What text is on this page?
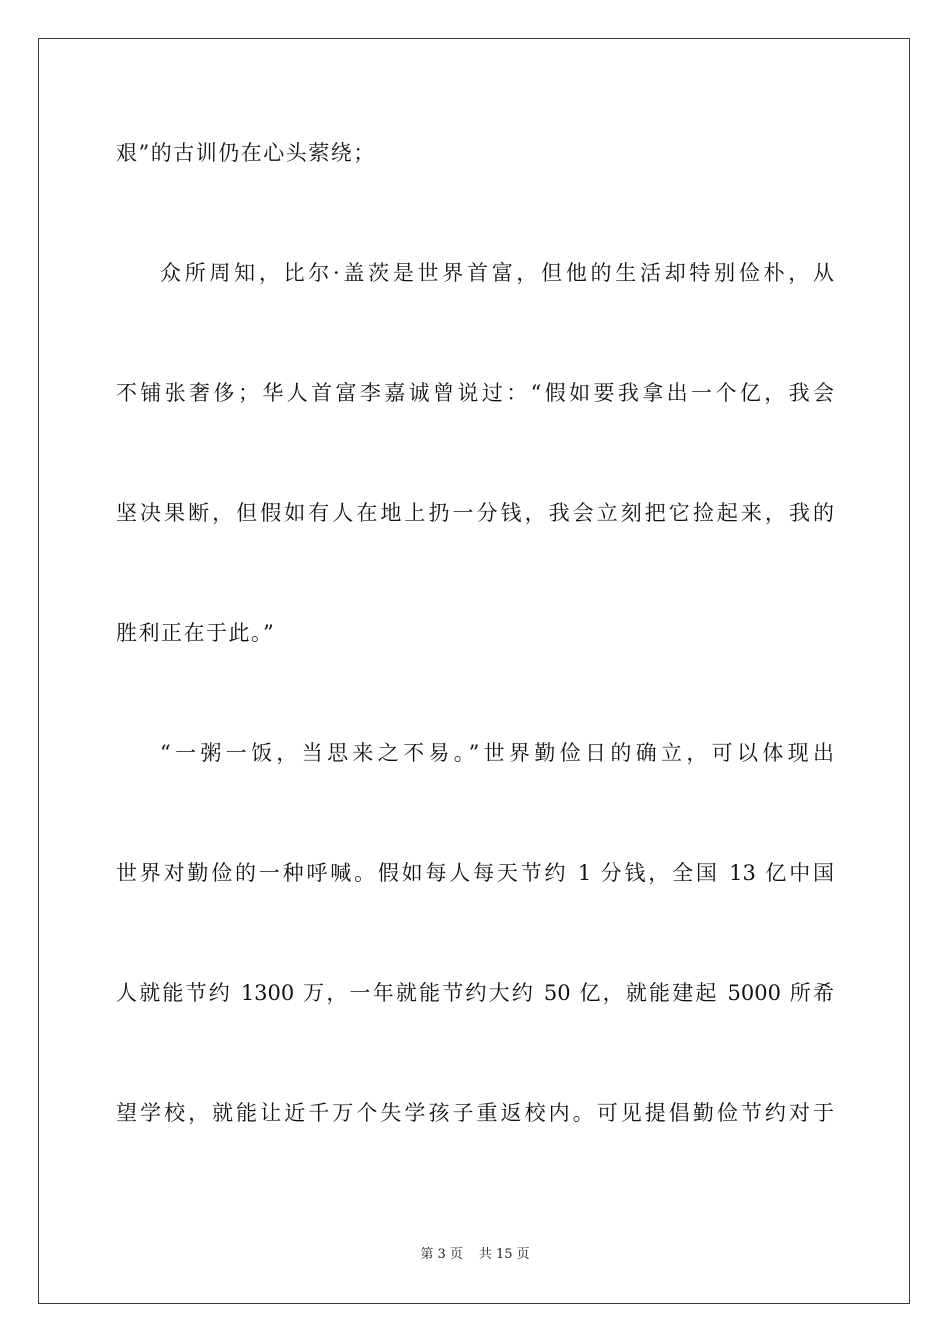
艰”的古训仍在心头萦绕；
众所周知，比尔·盖茨是世界首富，但他的生活却特别俭朴，从
不铺张奢侈；华人首富李嘉诚曾说过：“假如要我拿出一个亿，我会
坚决果断，但假如有人在地上扔一分钱，我会立刻把它捡起来，我的
胜利正在于此。”
“一粥一饭，当思来之不易。”世界勤俭日的确立，可以体现出
世界对勤俭的一种呼喊。假如每人每天节约 1 分钱，全国 13 亿中国
人就能节约 1300 万，一年就能节约大约 50 亿，就能建起 5000 所希
望学校，就能让近千万个失学孩子重返校内。可见提倡勤俭节约对于
第 3 页 共 15 页
